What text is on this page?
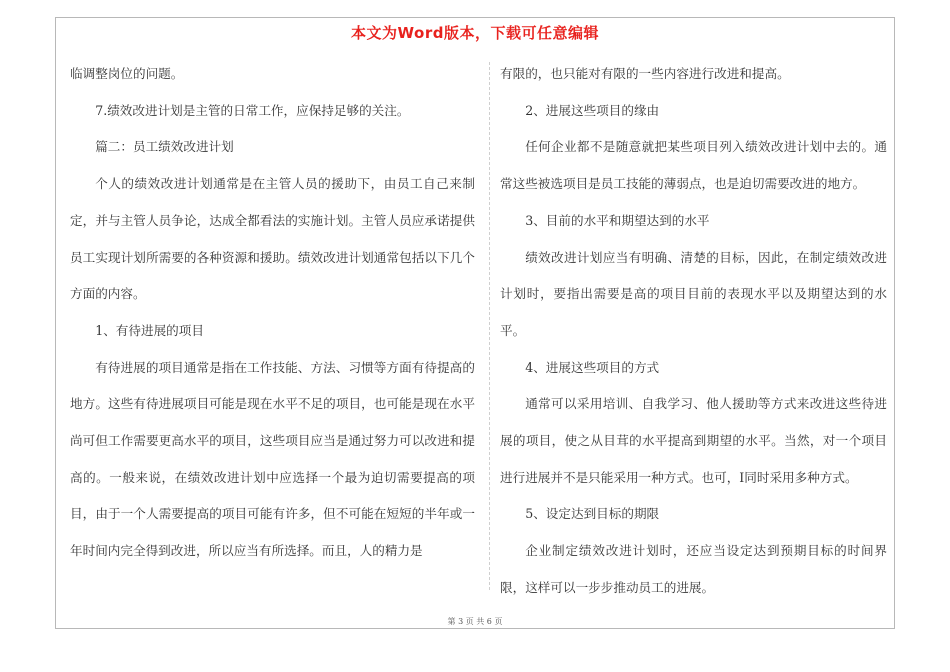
本文为Word版本，下载可任意编辑

临调整岗位的问题。

7.绩效改进计划是主管的日常工作，应保持足够的关注。

篇二：员工绩效改进计划

个人的绩效改进计划通常是在主管人员的援助下，由员工自己来制定，并与主管人员争论，达成全都看法的实施计划。主管人员应承诺提供员工实现计划所需要的各种资源和援助。绩效改进计划通常包括以下几个方面的内容。

1、有待进展的项目

有待进展的项目通常是指在工作技能、方法、习惯等方面有待提高的地方。这些有待进展项目可能是现在水平不足的项目，也可能是现在水平尚可但工作需要更高水平的项目，这些项目应当是通过努力可以改进和提高的。一般来说，在绩效改进计划中应选择一个最为迫切需要提高的项目，由于一个人需要提高的项目可能有许多，但不可能在短短的半年或一年时间内完全得到改进，所以应当有所选择。而且，人的精力是

有限的，也只能对有限的一些内容进行改进和提高。

2、进展这些项目的缘由

任何企业都不是随意就把某些项目列入绩效改进计划中去的。通常这些被选项目是员工技能的薄弱点，也是迫切需要改进的地方。

3、目前的水平和期望达到的水平

绩效改进计划应当有明确、清楚的目标，因此，在制定绩效改进计划时，要指出需要是高的项目目前的表现水平以及期望达到的水平。

4、进展这些项目的方式

通常可以采用培训、自我学习、他人援助等方式来改进这些待进展的项目，使之从目茸的水平提高到期望的水平。当然，对一个项目进行进展并不是只能采用一种方式。也可，I同时采用多种方式。

5、设定达到目标的期限

企业制定绩效改进计划时，还应当设定达到预期目标的时间界限，这样可以一步步推动员工的进展。

第 3 页 共 6 页
